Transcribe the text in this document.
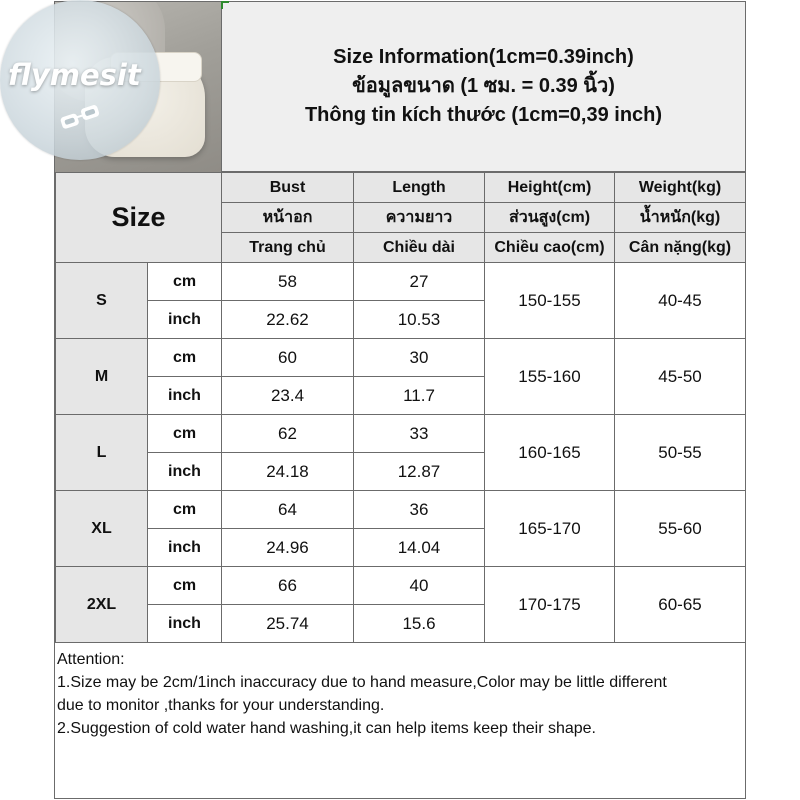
Size Information(1cm=0.39inch)
ข้อมูลขนาด (1 ซม. = 0.39 นิ้ว)
Thông tin kích thước (1cm=0,39 inch)
Size		Bust	Length	Height(cm)	Weight(kg)
		หน้าอก	ความยาว	ส่วนสูง(cm)	น้ำหนัก(kg)
		Trang chủ	Chiều dài	Chiều cao(cm)	Cân nặng(kg)
S	cm	58	27	150-155	40-45
	inch	22.62	10.53		
M	cm	60	30	155-160	45-50
	inch	23.4	11.7		
L	cm	62	33	160-165	50-55
	inch	24.18	12.87		
XL	cm	64	36	165-170	55-60
	inch	24.96	14.04		
2XL	cm	66	40	170-175	60-65
	inch	25.74	15.6		
Attention:
1.Size may be 2cm/1inch inaccuracy due to hand measure,Color may be little different
due to monitor ,thanks for your understanding.
2.Suggestion of cold water hand washing,it can help items keep their shape.
flymesit
